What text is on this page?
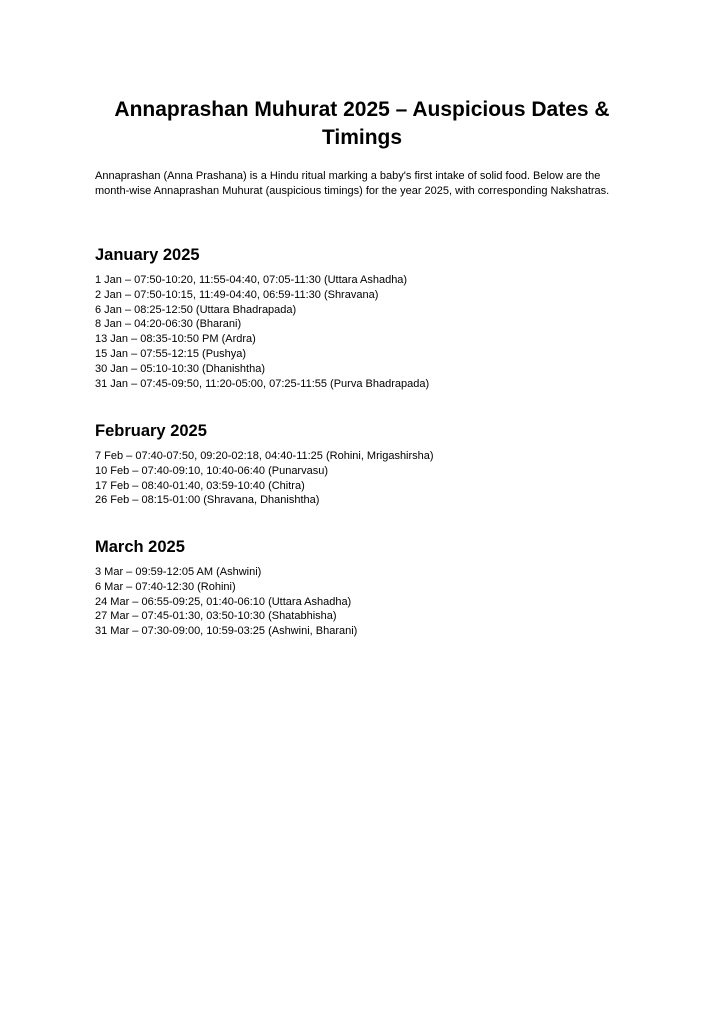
Annaprashan Muhurat 2025 – Auspicious Dates & Timings

Annaprashan (Anna Prashana) is a Hindu ritual marking a baby's first intake of solid food. Below are the month-wise Annaprashan Muhurat (auspicious timings) for the year 2025, with corresponding Nakshatras.

January 2025
1 Jan – 07:50-10:20, 11:55-04:40, 07:05-11:30 (Uttara Ashadha)
2 Jan – 07:50-10:15, 11:49-04:40, 06:59-11:30 (Shravana)
6 Jan – 08:25-12:50 (Uttara Bhadrapada)
8 Jan – 04:20-06:30 (Bharani)
13 Jan – 08:35-10:50 PM (Ardra)
15 Jan – 07:55-12:15 (Pushya)
30 Jan – 05:10-10:30 (Dhanishtha)
31 Jan – 07:45-09:50, 11:20-05:00, 07:25-11:55 (Purva Bhadrapada)
February 2025
7 Feb – 07:40-07:50, 09:20-02:18, 04:40-11:25 (Rohini, Mrigashirsha)
10 Feb – 07:40-09:10, 10:40-06:40 (Punarvasu)
17 Feb – 08:40-01:40, 03:59-10:40 (Chitra)
26 Feb – 08:15-01:00 (Shravana, Dhanishtha)
March 2025
3 Mar – 09:59-12:05 AM (Ashwini)
6 Mar – 07:40-12:30 (Rohini)
24 Mar – 06:55-09:25, 01:40-06:10 (Uttara Ashadha)
27 Mar – 07:45-01:30, 03:50-10:30 (Shatabhisha)
31 Mar – 07:30-09:00, 10:59-03:25 (Ashwini, Bharani)
